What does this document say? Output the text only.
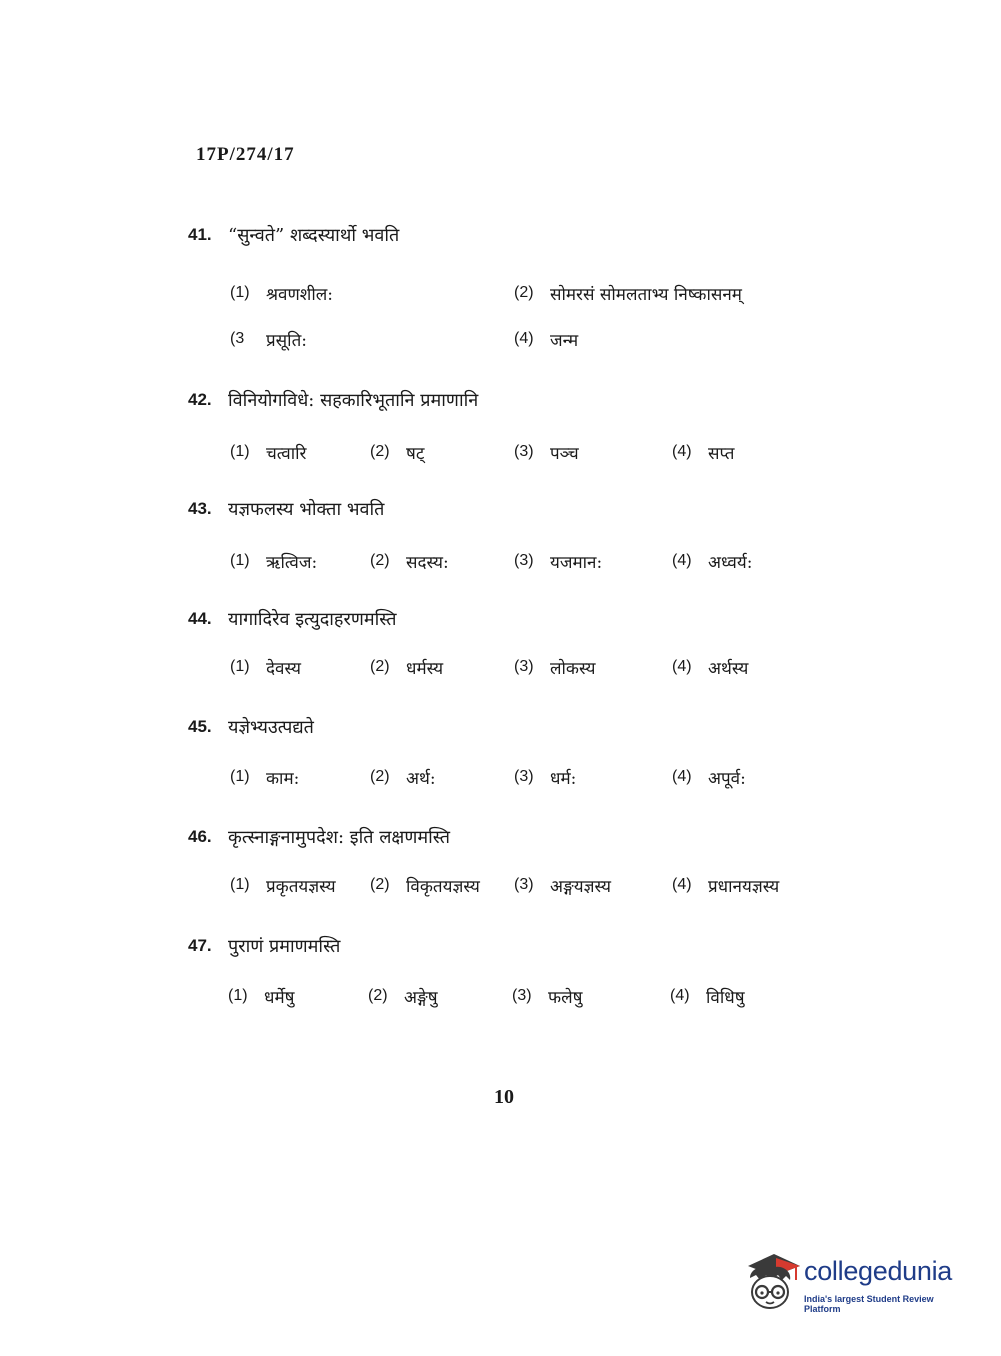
17P/274/17
41. “सुन्वते” शब्दस्यार्थो भवति
(1) श्रवणशील:	(2) सोमरसं सोमलताभ्य निष्कासनम्
(3	प्रसूति:	(4) जन्म
42. विनियोगविधे: सहकारिभूतानि प्रमाणानि
(1) चत्वारि	(2) षट्	(3) पञ्च	(4) सप्त
43. यज्ञफलस्य भोक्ता भवति
(1) ऋत्विज:	(2) सदस्य:	(3) यजमान:	(4) अध्वर्य:
44. यागादिरेव इत्युदाहरणमस्ति
(1) देवस्य	(2) धर्मस्य	(3) लोकस्य	(4) अर्थस्य
45. यज्ञेभ्यउत्पद्यते
(1) काम:	(2) अर्थ:	(3) धर्म:	(4) अपूर्व:
46. कृत्स्नाङ्गनामुपदेश: इति लक्षणमस्ति
(1) प्रकृतयज्ञस्य (2) विकृतयज्ञस्य (3) अङ्गयज्ञस्य	(4) प्रधानयज्ञस्य
47. पुराणं प्रमाणमस्ति
(1) धर्मेषु	(2) अङ्गेषु	(3) फलेषु	(4) विधिषु
10
collegedunia
India's largest Student Review Platform
